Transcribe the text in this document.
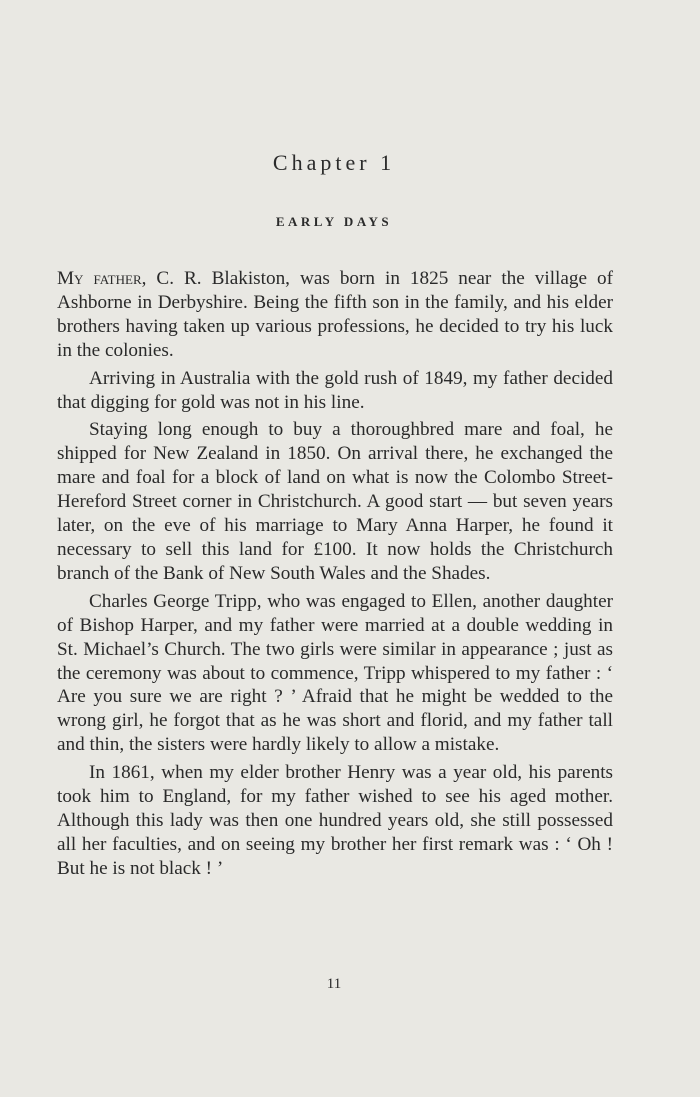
Chapter 1
EARLY DAYS

My father, C. R. Blakiston, was born in 1825 near the village of Ashborne in Derbyshire. Being the fifth son in the family, and his elder brothers having taken up various professions, he decided to try his luck in the colonies.

Arriving in Australia with the gold rush of 1849, my father decided that digging for gold was not in his line.

Staying long enough to buy a thoroughbred mare and foal, he shipped for New Zealand in 1850. On arrival there, he exchanged the mare and foal for a block of land on what is now the Colombo Street-Hereford Street corner in Christchurch. A good start — but seven years later, on the eve of his marriage to Mary Anna Harper, he found it necessary to sell this land for £100. It now holds the Christchurch branch of the Bank of New South Wales and the Shades.

Charles George Tripp, who was engaged to Ellen, another daughter of Bishop Harper, and my father were married at a double wedding in St. Michael’s Church. The two girls were similar in appearance ; just as the ceremony was about to commence, Tripp whispered to my father : ‘ Are you sure we are right ? ’ Afraid that he might be wedded to the wrong girl, he forgot that as he was short and florid, and my father tall and thin, the sisters were hardly likely to allow a mistake.

In 1861, when my elder brother Henry was a year old, his parents took him to England, for my father wished to see his aged mother. Although this lady was then one hundred years old, she still possessed all her faculties, and on seeing my brother her first remark was : ‘ Oh ! But he is not black ! ’

11
